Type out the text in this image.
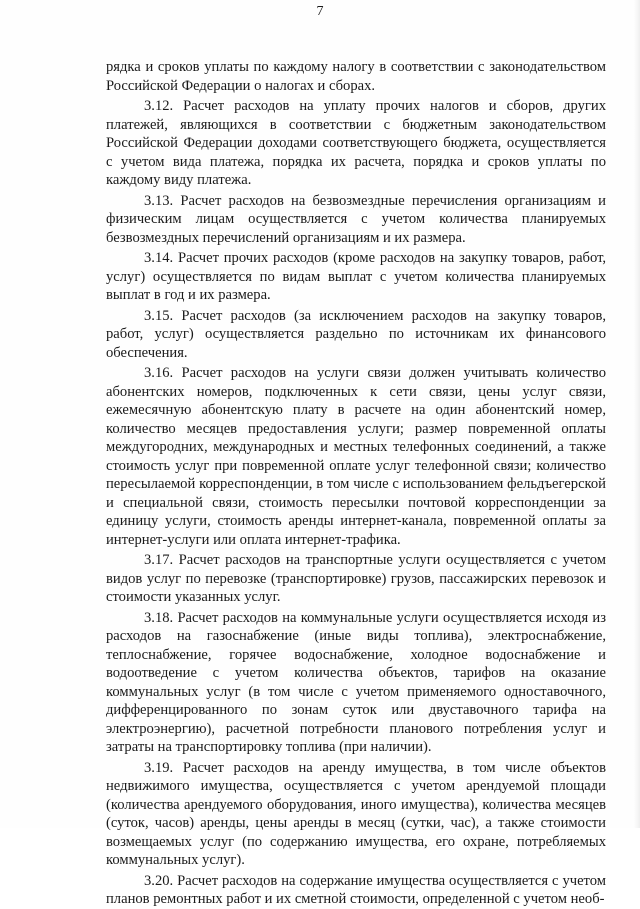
7

рядка и сроков уплаты по каждому налогу в соответствии с законодательством Российской Федерации о налогах и сборах.

3.12. Расчет расходов на уплату прочих налогов и сборов, других платежей, являющихся в соответствии с бюджетным законодательством Российской Федерации доходами соответствующего бюджета, осуществляется с учетом вида платежа, порядка их расчета, порядка и сроков уплаты по каждому виду платежа.

3.13. Расчет расходов на безвозмездные перечисления организациям и физическим лицам осуществляется с учетом количества планируемых безвозмездных перечислений организациям и их размера.

3.14. Расчет прочих расходов (кроме расходов на закупку товаров, работ, услуг) осуществляется по видам выплат с учетом количества планируемых выплат в год и их размера.

3.15. Расчет расходов (за исключением расходов на закупку товаров, работ, услуг) осуществляется раздельно по источникам их финансового обеспечения.

3.16. Расчет расходов на услуги связи должен учитывать количество абонентских номеров, подключенных к сети связи, цены услуг связи, ежемесячную абонентскую плату в расчете на один абонентский номер, количество месяцев предоставления услуги; размер повременной оплаты междугородних, международных и местных телефонных соединений, а также стоимость услуг при повременной оплате услуг телефонной связи; количество пересылаемой корреспонденции, в том числе с использованием фельдъегерской и специальной связи, стоимость пересылки почтовой корреспонденции за единицу услуги, стоимость аренды интернет-канала, повременной оплаты за интернет-услуги или оплата интернет-трафика.

3.17. Расчет расходов на транспортные услуги осуществляется с учетом видов услуг по перевозке (транспортировке) грузов, пассажирских перевозок и стоимости указанных услуг.

3.18. Расчет расходов на коммунальные услуги осуществляется исходя из расходов на газоснабжение (иные виды топлива), электроснабжение, теплоснабжение, горячее водоснабжение, холодное водоснабжение и водоотведение с учетом количества объектов, тарифов на оказание коммунальных услуг (в том числе с учетом применяемого одноставочного, дифференцированного по зонам суток или двуставочного тарифа на электроэнергию), расчетной потребности планового потребления услуг и затраты на транспортировку топлива (при наличии).

3.19. Расчет расходов на аренду имущества, в том числе объектов недвижимого имущества, осуществляется с учетом арендуемой площади (количества арендуемого оборудования, иного имущества), количества месяцев (суток, часов) аренды, цены аренды в месяц (сутки, час), а также стоимости возмещаемых услуг (по содержанию имущества, его охране, потребляемых коммунальных услуг).

3.20. Расчет расходов на содержание имущества осуществляется с учетом планов ремонтных работ и их сметной стоимости, определенной с учетом необ-
